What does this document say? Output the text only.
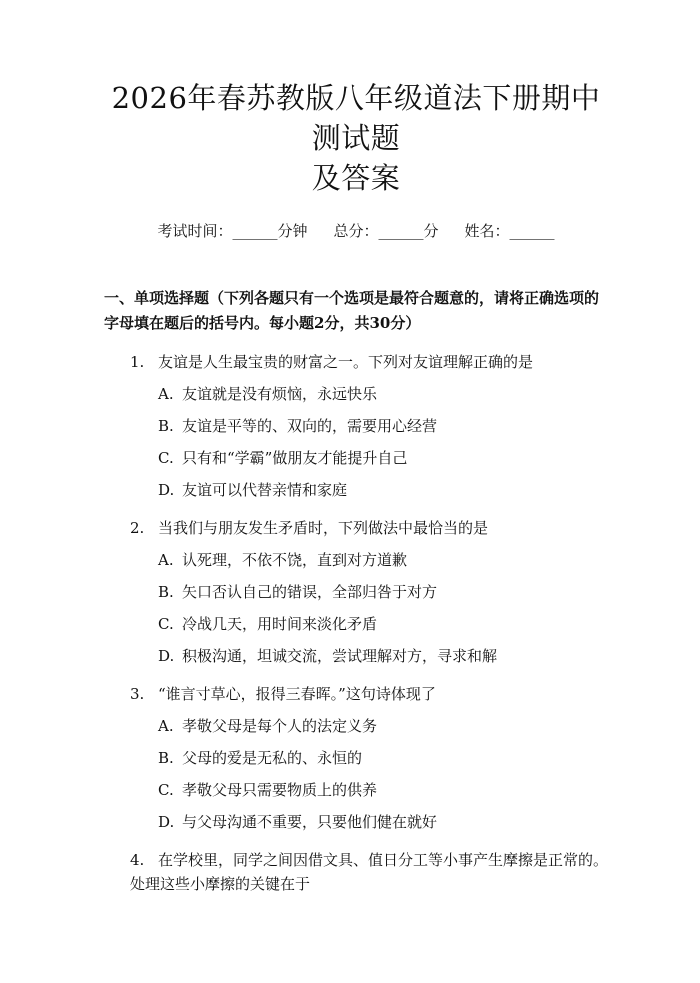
2026年春苏教版八年级道法下册期中测试题
及答案
考试时间：______分钟 总分：______分 姓名：______
一、单项选择题（下列各题只有一个选项是最符合题意的，请将正确选项的字母填在题后的括号内。每小题2分，共30分）
1. 友谊是人生最宝贵的财富之一。下列对友谊理解正确的是
A. 友谊就是没有烦恼，永远快乐
B. 友谊是平等的、双向的，需要用心经营
C. 只有和“学霸”做朋友才能提升自己
D. 友谊可以代替亲情和家庭
2. 当我们与朋友发生矛盾时，下列做法中最恰当的是
A. 认死理，不依不饶，直到对方道歉
B. 矢口否认自己的错误，全部归咎于对方
C. 冷战几天，用时间来淡化矛盾
D. 积极沟通，坦诚交流，尝试理解对方，寻求和解
3. “谁言寸草心，报得三春晖。”这句诗体现了
A. 孝敬父母是每个人的法定义务
B. 父母的爱是无私的、永恒的
C. 孝敬父母只需要物质上的供养
D. 与父母沟通不重要，只要他们健在就好
4. 在学校里，同学之间因借文具、值日分工等小事产生摩擦是正常的。处理这些小摩擦的关键在于
